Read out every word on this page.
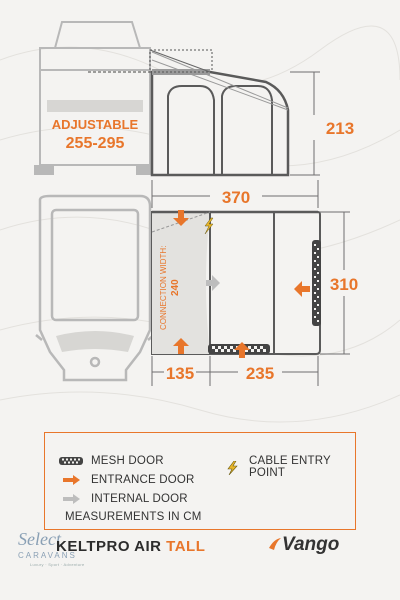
ADJUSTABLE
255-295
213
370
CONNECTION WIDTH: 240	310
135	235
MESH DOOR
ENTRANCE DOOR
INTERNAL DOOR
CABLE ENTRY POINT
MEASUREMENTS IN CM
Select
CARAVANS
Luxury · Sport · Adventure
KELTPRO AIR TALL	Vango
